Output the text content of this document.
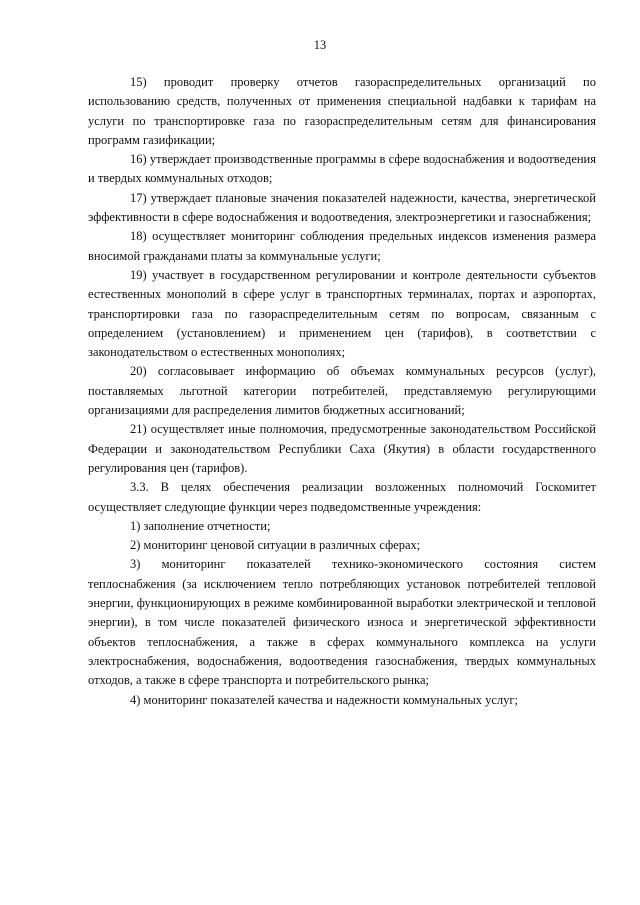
13

15) проводит проверку отчетов газораспределительных организаций по использованию средств, полученных от применения специальной надбавки к тарифам на услуги по транспортировке газа по газораспределительным сетям для финансирования программ газификации;

16) утверждает производственные программы в сфере водоснабжения и водоотведения и твердых коммунальных отходов;

17) утверждает плановые значения показателей надежности, качества, энергетической эффективности в сфере водоснабжения и водоотведения, электроэнергетики и газоснабжения;

18) осуществляет мониторинг соблюдения предельных индексов изменения размера вносимой гражданами платы за коммунальные услуги;

19) участвует в государственном регулировании и контроле деятельности субъектов естественных монополий в сфере услуг в транспортных терминалах, портах и аэропортах, транспортировки газа по газораспределительным сетям по вопросам, связанным с определением (установлением) и применением цен (тарифов), в соответствии с законодательством о естественных монополиях;

20) согласовывает информацию об объемах коммунальных ресурсов (услуг), поставляемых льготной категории потребителей, представляемую регулирующими организациями для распределения лимитов бюджетных ассигнований;

21) осуществляет иные полномочия, предусмотренные законодательством Российской Федерации и законодательством Республики Саха (Якутия) в области государственного регулирования цен (тарифов).

3.3. В целях обеспечения реализации возложенных полномочий Госкомитет осуществляет следующие функции через подведомственные учреждения:

1) заполнение отчетности;

2) мониторинг ценовой ситуации в различных сферах;

3) мониторинг показателей технико-экономического состояния систем теплоснабжения (за исключением тепло потребляющих установок потребителей тепловой энергии, функционирующих в режиме комбинированной выработки электрической и тепловой энергии), в том числе показателей физического износа и энергетической эффективности объектов теплоснабжения, а также в сферах коммунального комплекса на услуги электроснабжения, водоснабжения, водоотведения газоснабжения, твердых коммунальных отходов, а также в сфере транспорта и потребительского рынка;

4) мониторинг показателей качества и надежности коммунальных услуг;
